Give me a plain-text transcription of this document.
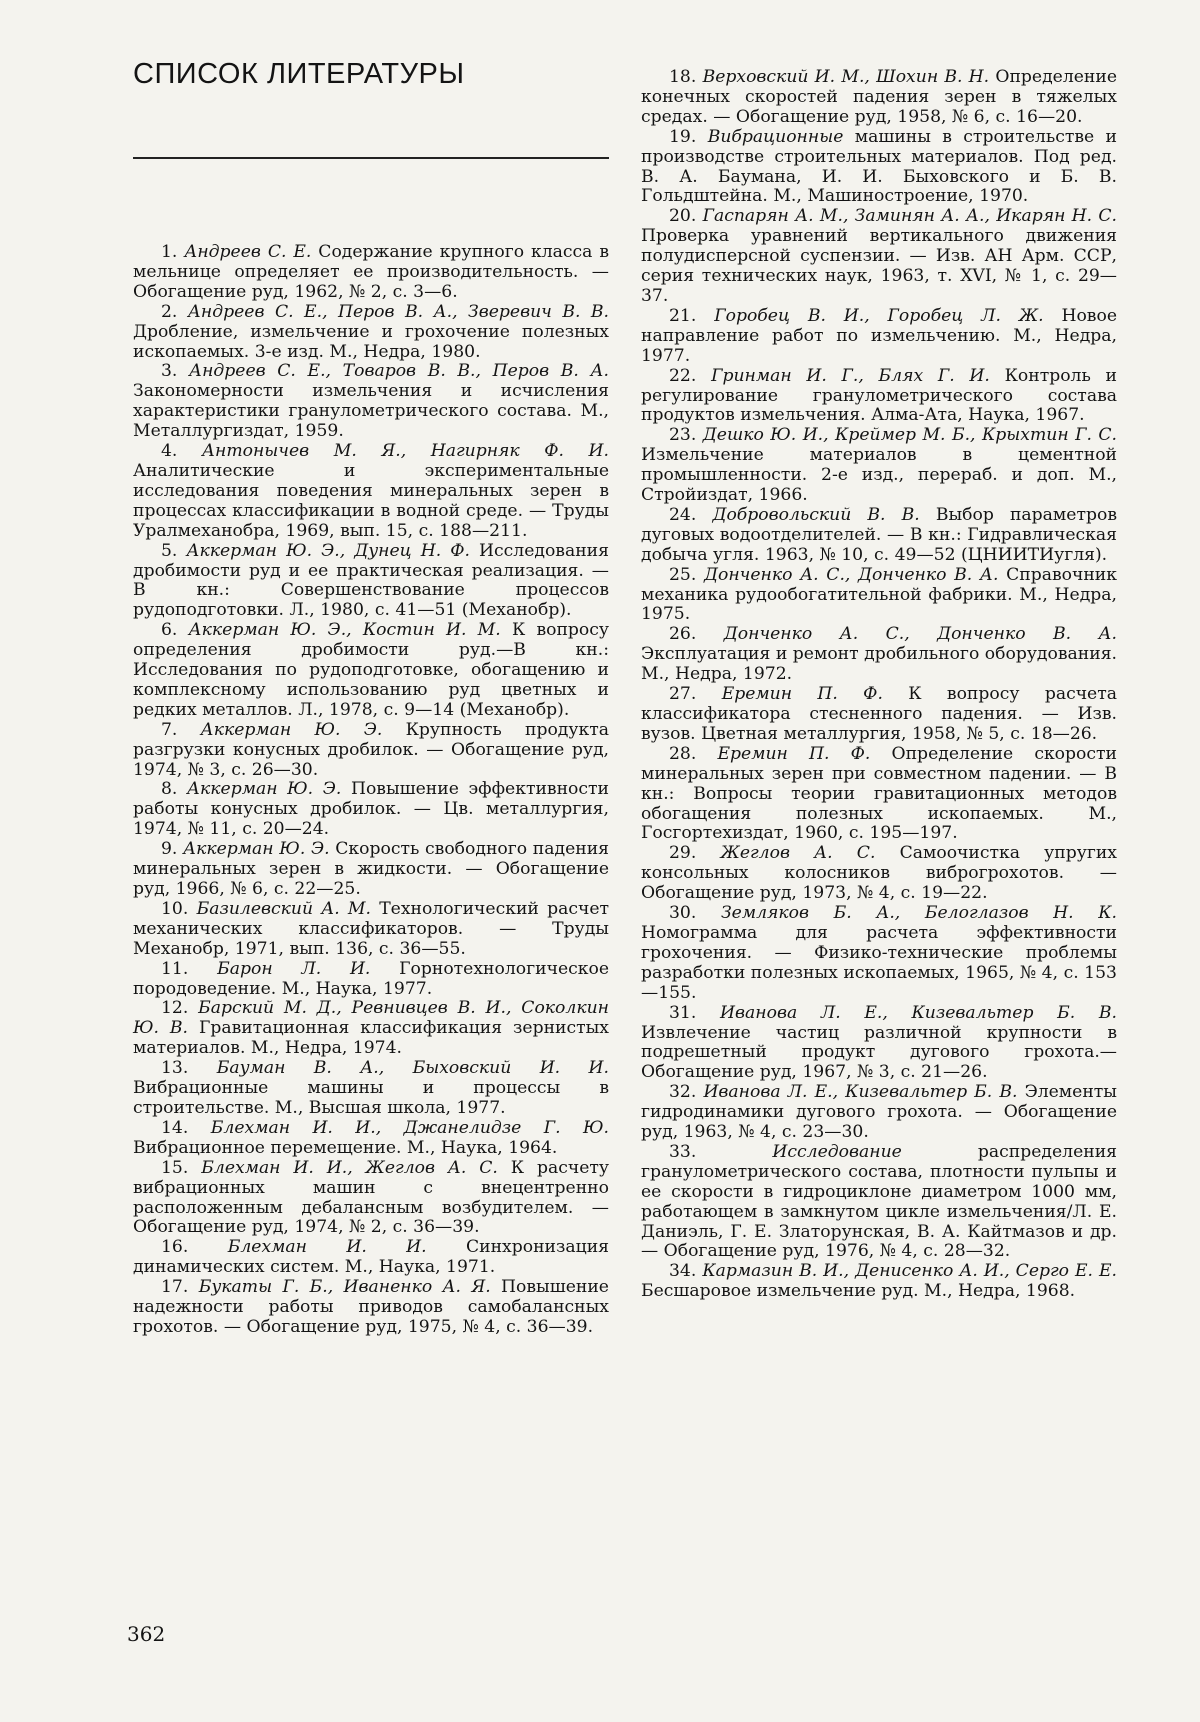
СПИСОК ЛИТЕРАТУРЫ

1. Андреев С. Е. Содержание крупного класса в мельнице определяет ее производительность. — Обогащение руд, 1962, № 2, с. 3—6.

2. Андреев С. Е., Перов В. А., Зверевич В. В. Дробление, измельчение и грохочение полезных ископаемых. 3-е изд. М., Недра, 1980.

3. Андреев С. Е., Товаров В. В., Перов В. А. Закономерности измельчения и исчисления характеристики гранулометрического состава. М., Металлургиздат, 1959.

4. Антонычев М. Я., Нагирняк Ф. И. Аналитические и экспериментальные исследования поведения минеральных зерен в процессах классификации в водной среде. — Труды Уралмеханобра, 1969, вып. 15, с. 188—211.

5. Аккерман Ю. Э., Дунец Н. Ф. Исследования дробимости руд и ее практическая реализация. — В кн.: Совершенствование процессов рудоподготовки. Л., 1980, с. 41—51 (Механобр).

6. Аккерман Ю. Э., Костин И. М. К вопросу определения дробимости руд.—В кн.: Исследования по рудоподготовке, обогащению и комплексному использованию руд цветных и редких металлов. Л., 1978, с. 9—14 (Механобр).

7. Аккерман Ю. Э. Крупность продукта разгрузки конусных дробилок. — Обогащение руд, 1974, № 3, с. 26—30.

8. Аккерман Ю. Э. Повышение эффективности работы конусных дробилок. — Цв. металлургия, 1974, № 11, с. 20—24.

9. Аккерман Ю. Э. Скорость свободного падения минеральных зерен в жидкости. — Обогащение руд, 1966, № 6, с. 22—25.

10. Базилевский А. М. Технологический расчет механических классификаторов. — Труды Механобр, 1971, вып. 136, с. 36—55.

11. Барон Л. И. Горнотехнологическое породоведение. М., Наука, 1977.

12. Барский М. Д., Ревнивцев В. И., Соколкин Ю. В. Гравитационная классификация зернистых материалов. М., Недра, 1974.

13. Бауман В. А., Быховский И. И. Вибрационные машины и процессы в строительстве. М., Высшая школа, 1977.

14. Блехман И. И., Джанелидзе Г. Ю. Вибрационное перемещение. М., Наука, 1964.

15. Блехман И. И., Жеглов А. С. К расчету вибрационных машин с внецентренно расположенным дебалансным возбудителем. — Обогащение руд, 1974, № 2, с. 36—39.

16. Блехман И. И. Синхронизация динамических систем. М., Наука, 1971.

17. Букаты Г. Б., Иваненко А. Я. Повышение надежности работы приводов самобалансных грохотов. — Обогащение руд, 1975, № 4, с. 36—39.

18. Верховский И. М., Шохин В. Н. Определение конечных скоростей падения зерен в тяжелых средах. — Обогащение руд, 1958, № 6, с. 16—20.

19. Вибрационные машины в строительстве и производстве строительных материалов. Под ред. В. А. Баумана, И. И. Быховского и Б. В. Гольдштейна. М., Машиностроение, 1970.

20. Гаспарян А. М., Заминян А. А., Икарян Н. С. Проверка уравнений вертикального движения полудисперсной суспензии. — Изв. АН Арм. ССР, серия технических наук, 1963, т. XVI, № 1, с. 29—37.

21. Горобец В. И., Горобец Л. Ж. Новое направление работ по измельчению. М., Недра, 1977.

22. Гринман И. Г., Блях Г. И. Контроль и регулирование гранулометрического состава продуктов измельчения. Алма-Ата, Наука, 1967.

23. Дешко Ю. И., Креймер М. Б., Крыхтин Г. С. Измельчение материалов в цементной промышленности. 2-е изд., перераб. и доп. М., Стройиздат, 1966.

24. Добровольский В. В. Выбор параметров дуговых водоотделителей. — В кн.: Гидравлическая добыча угля. 1963, № 10, с. 49—52 (ЦНИИТИугля).

25. Донченко А. С., Донченко В. А. Справочник механика рудообогатительной фабрики. М., Недра, 1975.

26. Донченко А. С., Донченко В. А. Эксплуатация и ремонт дробильного оборудования. М., Недра, 1972.

27. Еремин П. Ф. К вопросу расчета классификатора стесненного падения. — Изв. вузов. Цветная металлургия, 1958, № 5, с. 18—26.

28. Еремин П. Ф. Определение скорости минеральных зерен при совместном падении. — В кн.: Вопросы теории гравитационных методов обогащения полезных ископаемых. М., Госгортехиздат, 1960, с. 195—197.

29. Жеглов А. С. Самоочистка упругих консольных колосников виброгрохотов. — Обогащение руд, 1973, № 4, с. 19—22.

30. Земляков Б. А., Белоглазов Н. К. Номограмма для расчета эффективности грохочения. — Физико-технические проблемы разработки полезных ископаемых, 1965, № 4, с. 153—155.

31. Иванова Л. Е., Кизевальтер Б. В. Извлечение частиц различной крупности в подрешетный продукт дугового грохота.— Обогащение руд, 1967, № 3, с. 21—26.

32. Иванова Л. Е., Кизевальтер Б. В. Элементы гидродинамики дугового грохота. — Обогащение руд, 1963, № 4, с. 23—30.

33.	Исследование	распределения гранулометрического состава, плотности пульпы и ее скорости в гидроциклоне диаметром 1000 мм, работающем в замкнутом цикле измельчения/Л. Е. Даниэль, Г. Е. Златорунская, В. А. Кайтмазов и др. — Обогащение руд, 1976, № 4, с. 28—32.

34. Кармазин В. И., Денисенко А. И., Серго Е. Е. Бесшаровое измельчение руд. М., Недра, 1968.

362
